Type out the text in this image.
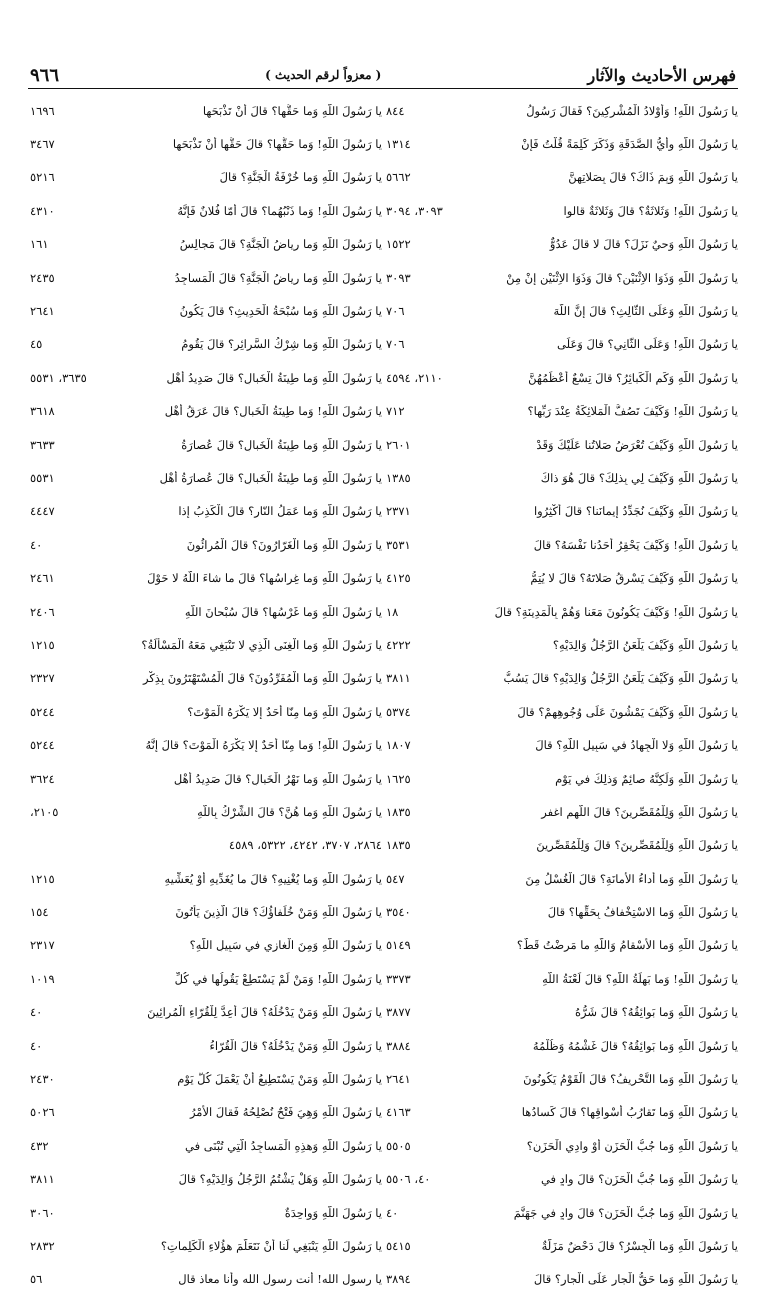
فهرس الأحاديث والآثار
( معزواً لرقم الحديث )
٩٦٦
يا رَسُولَ اللّهِ! وَأَوْلادُ الْمُشْرِكِينَ؟ فَقالَ رَسُولُ
٨٤٤
يا رَسُولَ اللّهِ وأَيُّ الصَّدَقَةِ وَذَكَرَ كَلِمَةً قُلْتُ فَإِنْ
١٣١٤
يا رَسُولَ اللّهِ وَبِمَ ذَاكَ؟ قالَ بِصَلاتِهِنَّ
٥٦٦٢
يا رَسُولَ اللّهِ! وَثَلاثَةٌ؟ قالَ وَثَلاثَةٌ قالوا
٣٠٩٣، ٣٠٩٤
يا رَسُولَ اللّهِ وَحيٌ نَزَلَ؟ قالَ لا قالَ عَدُوٌّ
١٥٢٢
يا رَسُولَ اللّهِ وَذَوَا الاِثْنَيْنِ؟ قالَ وَذَوَا الاِثْنَيْنِ إِنْ مِنْ
٣٠٩٣
يا رَسُولَ اللّهِ وَعَلَى الثّالِثِ؟ قالَ إِنَّ اللّهَ
٧٠٦
يا رَسُولَ اللّهِ! وَعَلَى الثّانِي؟ قالَ وَعَلَى
٧٠٦
يا رَسُولَ اللّهِ وَكَمِ الْكَبائِرُ؟ قالَ تِسْعٌ أَعْظَمُهُنَّ
٢١١٠، ٤٥٩٤
يا رَسُولَ اللّهِ! وَكَيْفَ تَصُفُّ الْمَلائِكَةُ عِنْدَ رَبِّها؟
٧١٢
يا رَسُولَ اللّهِ وَكَيْفَ تُعْرَضُ صَلاتُنا عَلَيْكَ وَقَدْ
٢٦٠١
يا رَسُولَ اللّهِ وَكَيْفَ لِي بِذلِكَ؟ قالَ هُوَ ذاكَ
١٣٨٥
يا رَسُولَ اللّهِ وَكَيْفَ نُجَدِّدُ إِيمانَنا؟ قالَ أَكْثِرُوا
٢٣٧١
يا رَسُولَ اللّهِ! وَكَيْفَ يَحْقِرُ أَحَدُنا نَفْسَهُ؟ قالَ
٣٥٣١
يا رَسُولَ اللّهِ وَكَيْفَ يَسْرِقُ صَلاتَهُ؟ قالَ لا يُتِمُّ
٤١٢٥
يا رَسُولَ اللّهِ! وَكَيْفَ يَكُونُونَ مَعَنا وَهُمْ بِالْمَدِينَةِ؟ قالَ
١٨
يا رَسُولَ اللّهِ وَكَيْفَ يَلْعَنُ الرَّجُلُ وَالِدَيْهِ؟
٤٢٢٢
يا رَسُولَ اللّهِ وَكَيْفَ يَلْعَنُ الرَّجُلُ وَالِدَيْهِ؟ قالَ يَسُبُّ
٣٨١١
يا رَسُولَ اللّهِ وَكَيْفَ يَمْشُونَ عَلَى وُجُوهِهِمْ؟ قالَ
٥٣٧٤
يا رَسُولَ اللّهِ وَلا الْجِهادُ في سَبِيلِ اللّهِ؟ قالَ
١٨٠٧
يا رَسُولَ اللّهِ وَلَكِنَّهُ صائِمٌ وَذلِكَ في يَوْمٍ
١٦٢٥
يا رَسُولَ اللّهِ وَلِلْمُقَصِّرِينَ؟ قالَ اللّهم اغفر
١٨٣٥
يا رَسُولَ اللّهِ وَلِلْمُقَصِّرِينَ؟ قالَ وَلِلْمُقَصِّرِينَ
١٨٣٥
يا رَسُولَ اللّهِ وَما أَداءُ الأَمانَةِ؟ قالَ الْغُسْلُ مِنَ
٥٤٧
يا رَسُولَ اللّهِ وَما الاسْتِخْفافُ بِحَقِّها؟ قالَ
٣٥٤٠
يا رَسُولَ اللّهِ وَما الأَسْقامُ وَاللّهِ ما مَرِضْتُ قَطُّ؟
٥١٤٩
يا رَسُولَ اللّهِ! وَما بَهِلَةُ اللّهِ؟ قالَ لَعْنَةُ اللّهِ
٣٣٧٣
يا رَسُولَ اللّهِ وَما بَوائِقُهُ؟ قالَ شَرُّهُ
٣٨٧٧
يا رَسُولَ اللّهِ وَما بَوائِقُهُ؟ قالَ غَشْمُهُ وَظُلْمُهُ
٣٨٨٤
يا رَسُولَ اللّهِ وَما التَّحْرِيفُ؟ قالَ الْقَوْمُ يَكُونُونَ
٢٦٤١
يا رَسُولَ اللّهِ وَما تَقارُبُ أَسْواقِها؟ قالَ كَسادُها
٤١٦٣
يا رَسُولَ اللّهِ وَما جُبُّ الْحَزَنِ أَوْ وادِي الْحَزَنِ؟
٥٥٠٥
يا رَسُولَ اللّهِ وَما جُبُّ الْحَزَنِ؟ قالَ وادٍ في
٤٠، ٥٥٠٦
يا رَسُولَ اللّهِ وَما جُبُّ الْحَزَنِ؟ قالَ وادٍ في جَهَنَّمَ
٤٠
يا رَسُولَ اللّهِ وَما الْجِسْرُ؟ قالَ دَحْضٌ مَزَلَّةٌ
٥٤١٥
يا رَسُولَ اللّهِ وَما حَقُّ الْجارِ عَلَى الْجارِ؟ قالَ
٣٨٩٤
يا رَسُولَ اللّهِ وَما حَقُّها؟ قالَ أَنْ تَذْبَحَها
١٦٩٦
يا رَسُولَ اللّهِ! وَما حَقُّها؟ قالَ حَقُّها أَنْ تَذْبَحَها
٣٤٦٧
يا رَسُولَ اللّهِ وَما خُرْفَةُ الْجَنَّةِ؟ قالَ
٥٢١٦
يا رَسُولَ اللّهِ! وَما ذَنْبُهُما؟ قالَ أَمّا فُلانٌ فَإِنَّهُ
٤٣١٠
يا رَسُولَ اللّهِ وَما رِياضُ الْجَنَّةِ؟ قالَ مَجالِسُ
١٦١
يا رَسُولَ اللّهِ وَما رِياضُ الْجَنَّةِ؟ قالَ الْمَساجِدُ
٢٤٣٥
يا رَسُولَ اللّهِ وَما سُبْحَةُ الْحَدِيثِ؟ قالَ يَكُونُ
٢٦٤١
يا رَسُولَ اللّهِ وَما شِرْكُ السَّرائِرِ؟ قالَ يَقُومُ
٤٥
يا رَسُولَ اللّهِ وَما طِينَةُ الْخَبالِ؟ قالَ صَدِيدُ أَهْلِ
٣٦٣٥، ٥٥٣١
يا رَسُولَ اللّهِ! وَما طِينَةُ الْخَبالِ؟ قالَ عَرَقُ أَهْلِ
٣٦١٨
يا رَسُولَ اللّهِ وَما طِينَةُ الْخَبالِ؟ قالَ عُصارَةُ
٣٦٣٣
يا رَسُولَ اللّهِ وَما طِينَةُ الْخَبالِ؟ قالَ عُصارَةُ أَهْلِ
٥٥٣١
يا رَسُولَ اللّهِ وَما عَمَلُ النّارِ؟ قالَ الْكَذِبُ إِذا
٤٤٤٧
يا رَسُولَ اللّهِ وَما الْغَرّارُونَ؟ قالَ الْمُرائُونَ
٤٠
يا رَسُولَ اللّهِ وَما غِراسُها؟ قالَ ما شاءَ اللّهُ لا حَوْلَ
٢٤٦١
يا رَسُولَ اللّهِ وَما غَرْسُها؟ قالَ سُبْحانَ اللّهِ
٢٤٠٦
يا رَسُولَ اللّهِ وَما الْغِنَى الَّذِي لا تَنْبَغِي مَعَهُ الْمَسْأَلَةُ؟
١٢١٥
يا رَسُولَ اللّهِ وَما الْمُفَرِّدُونَ؟ قالَ الْمُسْتَهْتَرُونَ بِذِكْرِ
٢٣٢٧
يا رَسُولَ اللّهِ وَما مِنّا أَحَدٌ إِلا يَكْرَهُ الْمَوْتَ؟
٥٢٤٤
يا رَسُولَ اللّهِ! وَما مِنّا أَحَدٌ إِلا يَكْرَهُ الْمَوْتَ؟ قالَ إِنَّهُ
٥٢٤٤
يا رَسُولَ اللّهِ وَما نَهْرُ الْخَبالِ؟ قالَ صَدِيدُ أَهْلِ
٣٦٢٤
يا رَسُولَ اللّهِ وَما هُنَّ؟ قالَ الشِّرْكُ بِاللّهِ
٢١٠٥،
٢٨٦٤، ٣٧٠٧، ٤٢٤٢، ٥٣٢٢، ٤٥٨٩
يا رَسُولَ اللّهِ وَما يُغْنِيهِ؟ قالَ ما يُغَدِّيهِ أَوْ يُعَشِّيهِ
١٢١٥
يا رَسُولَ اللّهِ وَمَنْ خُلَفاؤُكَ؟ قالَ الَّذِينَ يَأْتُونَ
١٥٤
يا رَسُولَ اللّهِ وَمِنَ الْغازِي في سَبِيلِ اللّهِ؟
٢٣١٧
يا رَسُولَ اللّهِ! وَمَنْ لَمْ يَسْتَطِعْ يَقُولُها في كُلِّ
١٠١٩
يا رَسُولَ اللّهِ وَمَنْ يَدْخُلُهُ؟ قالَ أُعِدَّ لِلْقُرّاءِ الْمُرائِينَ
٤٠
يا رَسُولَ اللّهِ وَمَنْ يَدْخُلُهُ؟ قالَ الْقُرّاءُ
٤٠
يا رَسُولَ اللّهِ وَمَنْ يَسْتَطِيعُ أَنْ يَعْمَلَ كُلَّ يَوْمٍ
٢٤٣٠
يا رَسُولَ اللّهِ وَهِيَ فَتْحٌ نُصْلِحُهُ فَقالَ الأَمْرُ
٥٠٢٦
يا رَسُولَ اللّهِ وَهذِهِ الْمَساجِدُ الَّتِي تُبْنَى في
٤٣٢
يا رَسُولَ اللّهِ وَهَلْ يَشْتُمُ الرَّجُلُ وَالِدَيْهِ؟ قالَ
٣٨١١
يا رَسُولَ اللّهِ وَواحِدَةٌ
٣٠٦٠
يا رَسُولَ اللّهِ يَنْبَغِي لَنا أَنْ نَتَعَلَّمَ هؤُلاءِ الْكَلِماتِ؟
٢٨٣٢
يا رسول الله! أنت رسول الله وأنا معاذ قال
٥٦
